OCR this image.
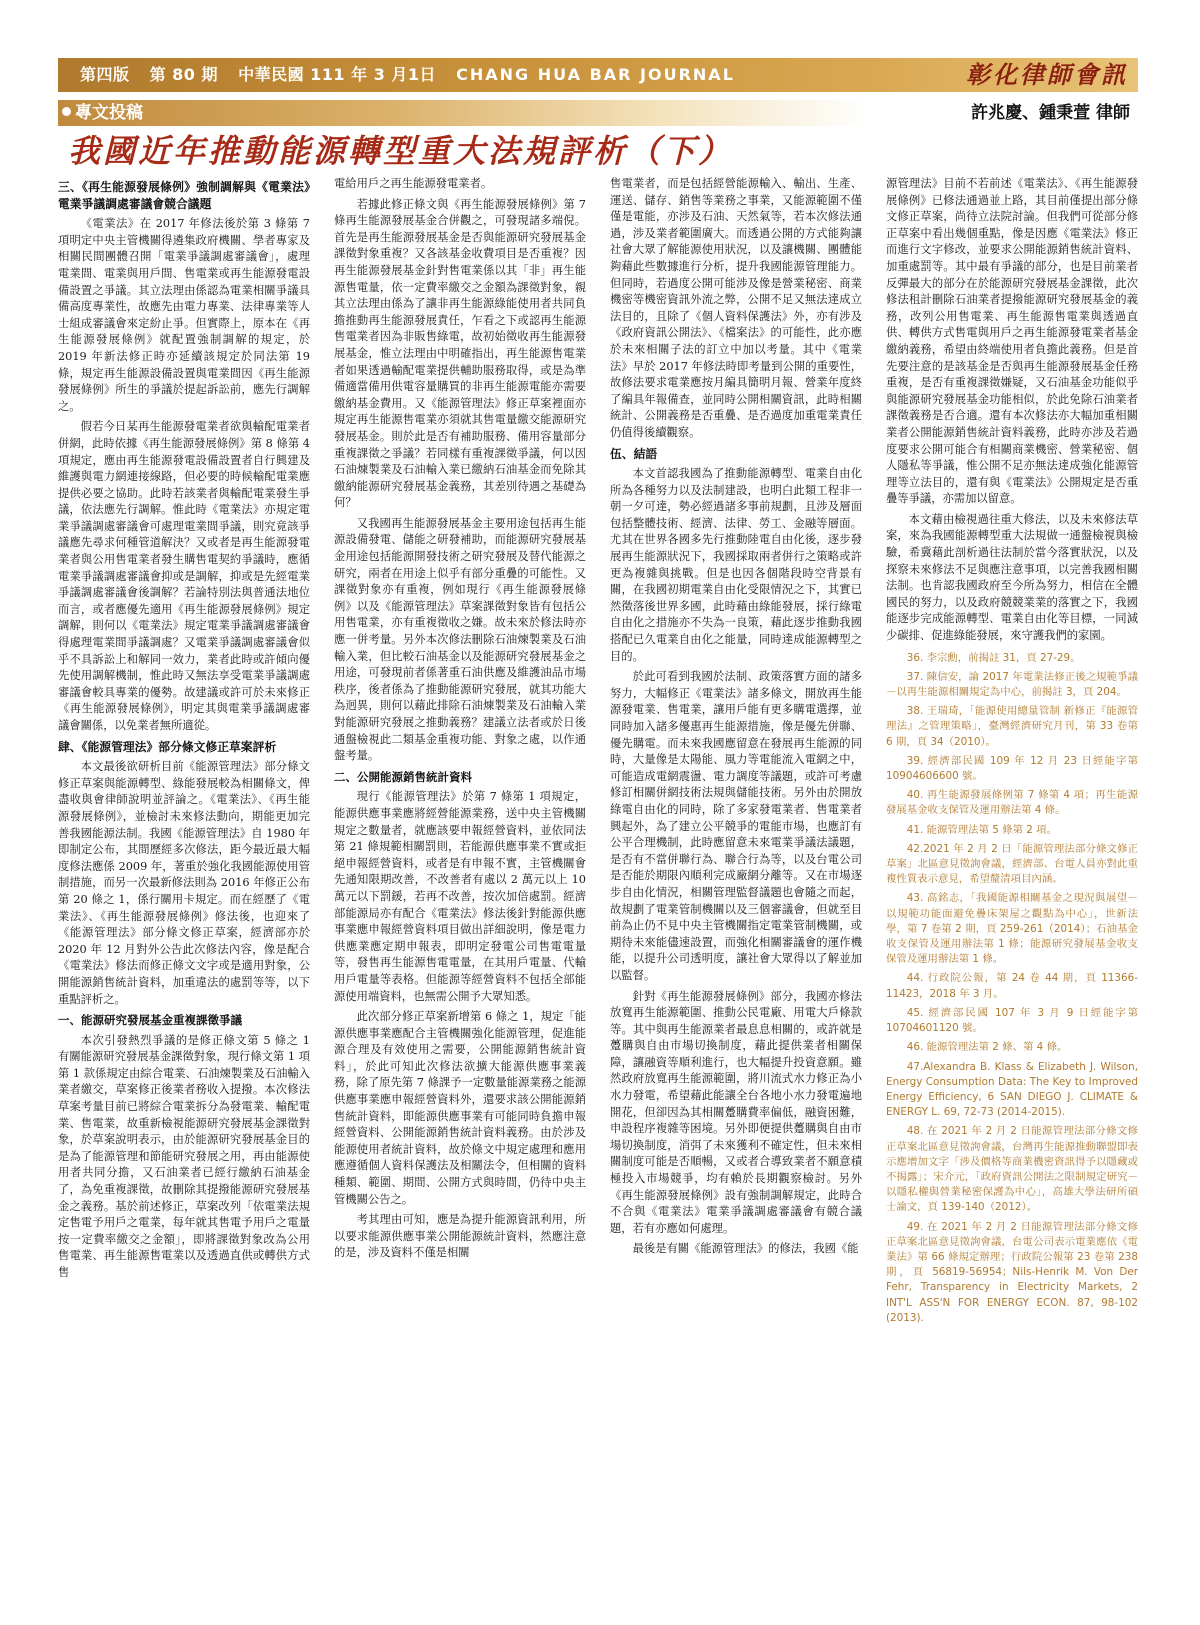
第四版 第 80 期 中華民國 111 年 3 月1日 CHANG HUA BAR JOURNAL	彰化律師會訊
專文投稿	許兆慶、鍾秉萱 律師
我國近年推動能源轉型重大法規評析（下）
三、《再生能源發展條例》強制調解與《電業法》電業爭議調處審議會競合議題

《電業法》在 2017 年修法後於第 3 條第 7 項明定中央主管機關得遴集政府機關、學者專家及相關民間團體召開「電業爭議調處審議會」，處理電業間、電業與用戶間、售電業或再生能源發電設備設置之爭議。其立法理由係認為電業相關爭議具備高度專業性，故應先由電力專業、法律專業等人士組成審議會來定紛止爭。但實際上，原本在《再生能源發展條例》就配置強制調解的規定，於 2019 年新法修正時亦延續該規定於同法第 19 條，規定再生能源設備設置與電業間因《再生能源發展條例》所生的爭議於提起訴訟前，應先行調解之。

假若今日某再生能源發電業者欲與輸配電業者併網，此時依據《再生能源發展條例》第 8 條第 4 項規定，應由再生能源發電設備設置者自行興建及維護與電力網連接線路，但必要的時候輸配電業應提供必要之協助。此時若該業者與輸配電業發生爭議，依法應先行調解。惟此時《電業法》亦規定電業爭議調處審議會可處理電業間爭議，則究竟該爭議應先尋求何種管道解決？又或者是再生能源發電業者與公用售電業者發生購售電契約爭議時，應循電業爭議調處審議會抑或是調解，抑或是先經電業爭議調處審議會後調解？若論特別法與普通法地位而言，或者應優先適用《再生能源發展條例》規定調解，則何以《電業法》規定電業爭議調處審議會得處理電業間爭議調處？又電業爭議調處審議會似乎不具訴訟上和解同一效力，業者此時或許傾向優先使用調解機制，惟此時又無法享受電業爭議調處審議會較具專業的優勢。故建議或許可於未來修正《再生能源發展條例》，明定其與電業爭議調處審議會關係，以免業者無所適從。

肆、《能源管理法》部分條文修正草案評析

本文最後欲研析目前《能源管理法》部分條文修正草案與能源轉型、綠能發展較為相關條文，俾盡收與會律師說明並評論之。《電業法》、《再生能源發展條例》，並檢討未來修法動向，期能更加完善我國能源法制。我國《能源管理法》自 1980 年即制定公布，其間歷經多次修法，距今最近最大幅度修法應係 2009 年，著重於強化我國能源使用管制措施，而另一次最新修法則為 2016 年修正公布第 20 條之 1，係行關用卡規定。而在經歷了《電業法》、《再生能源發展條例》修法後，也迎來了《能源管理法》部分條文修正草案，經濟部亦於 2020 年 12 月對外公告此次修法內容，像是配合《電業法》修法而修正條文文字或是適用對象，公開能源銷售統計資料，加重違法的處罰等等，以下重點評析之。

一、能源研究發展基金重複課徵爭議

本次引發熱烈爭議的是修正條文第 5 條之 1 有關能源研究發展基金課徵對象，現行條文第 1 項第 1 款係規定由綜合電業、石油煉製業及石油輸入業者繳交，草案修正後業者務收入提撥。本次修法草案考量目前已將綜合電業拆分為發電業、輸配電業、售電業，故重新檢視能源研究發展基金課徵對象，於草案說明表示，由於能源研究發展基金目的是為了能源管理和節能研究發展之用，再由能源使用者共同分擔，又石油業者已經行繳納石油基金了，為免重複課徵，故刪除其提撥能源研究發展基金之義務。基於前述修正，草案改列「依電業法規定售電予用戶之電業，每年就其售電予用戶之電量按一定費率繳交之金額」，即將課徵對象改為公用售電業、再生能源售電業以及透過直供或轉供方式售

電給用戶之再生能源發電業者。

若據此修正條文與《再生能源發展條例》第 7 條再生能源發展基金合併觀之，可發現諸多端倪。首先是再生能源發展基金是否與能源研究發展基金課徵對象重複？又各該基金收費項目是否重複？因再生能源發展基金針對售電業係以其「非」再生能源售電量，依一定費率繳交之金額為課徵對象，親其立法理由係為了讓非再生能源綠能使用者共同負擔推動再生能源發展責任，乍看之下或認再生能源售電業者因為非販售綠電，故初始徵收再生能源發展基金，惟立法理由中明確指出，再生能源售電業者如果透過輸配電業提供輔助服務取得，或是為準備適當備用供電容量購買的非再生能源電能亦需要繳納基金費用。又《能源管理法》修正草案裡面亦規定再生能源售電業亦須就其售電量繳交能源研究發展基金。則於此是否有補助服務、備用容量部分重複課徵之爭議？若同樣有重複課徵爭議，何以因石油煉製業及石油輸入業已繳納石油基金而免除其繳納能源研究發展基金義務，其差別待遇之基礎為何？

又我國再生能源發展基金主要用途包括再生能源設備發電、儲能之研發補助，而能源研究發展基金用途包括能源開發技術之研究發展及替代能源之研究，兩者在用途上似乎有部分重疊的可能性。又課徵對象亦有重複，例如現行《再生能源發展條例》以及《能源管理法》草案課徵對象皆有包括公用售電業，亦有重複徵收之嫌。故未來於修法時亦應一併考量。另外本次修法刪除石油煉製業及石油輸入業，但比較石油基金以及能源研究發展基金之用途，可發現前者係著重石油供應及維護油品市場秩序，後者係為了推動能源研究發展，就其功能大為迥異，則何以藉此排除石油煉製業及石油輸入業對能源研究發展之推動義務？建議立法者或於日後通盤檢視此二類基金重複功能、對象之處，以作通盤考量。

二、公開能源銷售統計資料

現行《能源管理法》於第 7 條第 1 項規定，能源供應事業應將經營能源業務，送中央主管機關規定之數量者，就應該要申報經營資料，並依同法第 21 條規範相關罰則，若能源供應事業不實或拒絕申報經營資料，或者是有申報不實，主管機關會先通知限期改善，不改善者有處以 2 萬元以上 10 萬元以下罰鍰，若再不改善，按次加倍處罰。經濟部能源局亦有配合《電業法》修法後針對能源供應事業應申報經營資料項目做出詳細說明，像是電力供應業應定期申報表，即明定發電公司售電電量等，發售再生能源售電電量，在其用戶電量、代輸用戶電量等表格。但能源等經營資料不包括全部能源使用端資料，也無需公開予大眾知悉。

此次部分修正草案新增第 6 條之 1，規定「能源供應事業應配合主管機關強化能源管理，促進能源合理及有效使用之需要，公開能源銷售統計資料」，於此可知此次修法欲擴大能源供應事業義務，除了原先第 7 條課予一定數量能源業務之能源供應事業應申報經營資料外，還要求該公開能源銷售統計資料，即能源供應事業有可能同時負擔申報經營資料、公開能源銷售統計資料義務。由於涉及能源使用者統計資料，故於條文中規定處理和應用應遵循個人資料保護法及相關法令，但相關的資料種類、範圍、期間、公開方式與時間，仍待中央主管機關公告之。

考其理由可知，應是為提升能源資訊利用，所以要求能源供應事業公開能源統計資料，然應注意的是，涉及資料不僅是相關

售電業者，而是包括經營能源輸入、輸出、生產、運送、儲存、銷售等業務之事業，又能源範圍不僅僅是電能，亦涉及石油、天然氣等，若本次修法通過，涉及業者範圍廣大。而透過公開的方式能夠讓社會大眾了解能源使用狀況，以及讓機關、團體能夠藉此些數據進行分析，提升我國能源管理能力。但同時，若過度公開可能涉及像是營業秘密、商業機密等機密資訊外流之弊，公開不足又無法達成立法目的，且除了《個人資料保護法》外，亦有涉及《政府資訊公開法》、《檔案法》的可能性，此亦應於未來相關子法的訂立中加以考量。其中《電業法》早於 2017 年修法時即考量到公開的重要性，故修法要求電業應按月編具簡明月報、營業年度終了編具年報備查，並同時公開相關資訊，此時相關統計、公開義務是否重疊、是否過度加重電業責任仍值得後續觀察。

伍、結語

本文首認我國為了推動能源轉型、電業自由化所為各種努力以及法制建設，也明白此類工程非一朝一夕可達，勢必經過諸多事前規劃，且涉及層面包括整體技術、經濟、法律、勞工、金融等層面。尤其在世界各國多先行推動陸電自由化後，逐步發展再生能源狀況下，我國採取兩者併行之策略或許更為複雜與挑戰。但是也因各個階段時空背景有關，在我國初期電業自由化受限情況之下，其實已然徵落後世界多國，此時藉由綠能發展，採行綠電自由化之措施亦不失為一良策，藉此逐步推動我國搭配已久電業自由化之能量，同時達成能源轉型之目的。

於此可看到我國於法制、政策落實方面的諸多努力，大幅修正《電業法》諸多條文，開放再生能源發電業、售電業，讓用戶能有更多購電選擇，並同時加入諸多優惠再生能源措施，像是優先併聯、優先購電。而未來我國應留意在發展再生能源的同時，大量像是太陽能、風力等電能流入電網之中，可能造成電網震盪、電力調度等議題，或許可考慮修訂相關併網技術法規與儲能技術。另外由於開放綠電自由化的同時，除了多家發電業者、售電業者興起外，為了建立公平競爭的電能市場，也應訂有公平合理機制，此時應留意未來電業爭議法議題，是否有不當併聯行為、聯合行為等，以及台電公司是否能於期限內順利完成廠網分離等。又在市場逐步自由化情況，相關管理監督議題也會隨之而起，故規劃了電業管制機關以及三個審議會，但就至目前為止仍不見中央主管機關指定電業管制機關，或期待未來能儘速設置，而強化相關審議會的運作機能，以提升公司透明度，讓社會大眾得以了解並加以監督。

針對《再生能源發展條例》部分，我國亦修法放寬再生能源範圍、推動公民電廠、用電大戶條款等。其中與再生能源業者最息息相關的，或許就是躉購與自由市場切換制度，藉此提供業者相關保障，讓融資等順利進行，也大幅提升投資意願。雖然政府放寬再生能源範圍，將川流式水力修正為小水力發電，希望藉此能讓全台各地小水力發電遍地開花，但卻因為其相關躉購費率偏低，融資困難，申設程序複雜等困境。另外即便提供躉購與自由市場切換制度，消弭了未來獲利不確定性，但未來相關制度可能是否順暢，又或者合導致業者不願意積極投入市場競爭，均有賴於長期觀察檢討。另外《再生能源發展條例》設有強制調解規定，此時合不合與《電業法》電業爭議調處審議會有競合議題，若有亦應如何處理。

最後是有關《能源管理法》的修法，我國《能

源管理法》目前不若前述《電業法》、《再生能源發展條例》已修法通過並上路，其目前僅提出部分條文修正草案，尚待立法院討論。但我們可從部分修正草案中看出幾個重點，像是因應《電業法》修正而進行文字修改，並要求公開能源銷售統計資料、加重處罰等。其中最有爭議的部分，也是目前業者反彈最大的部分在於能源研究發展基金課徵，此次修法租計刪除石油業者提撥能源研究發展基金的義務，改列公用售電業、再生能源售電業與透過直供、轉供方式售電與用戶之再生能源發電業者基金繳納義務，希望由終端使用者負擔此義務。但是首先要注意的是該基金是否與再生能源發展基金任務重複，是否有重複課徵嫌疑，又石油基金功能似乎與能源研究發展基金功能相似，於此免除石油業者課徵義務是否合適。還有本次修法亦大幅加重相關業者公開能源銷售統計資料義務，此時亦涉及若過度要求公開可能合有相關商業機密、營業秘密、個人隱私等爭議，惟公開不足亦無法達成強化能源管理等立法目的，還有與《電業法》公開規定是否重疊等爭議，亦需加以留意。

本文藉由檢視過往重大修法，以及未來修法草案，來為我國能源轉型重大法規做一通盤檢視與檢驗，希冀藉此剖析過往法制於當今落實狀況，以及探察未來修法不足與應注意事項，以完善我國相關法制。也肯認我國政府至今所為努力，相信在全體國民的努力，以及政府競競業業的落實之下，我國能逐步完成能源轉型、電業自由化等目標，一同減少碳排、促進綠能發展，來守護我們的家園。

36. 李宗勳，前揭註 31，頁 27-29。

37. 陳信安，論 2017 年電業法修正後之規範爭議－以再生能源相關規定為中心，前揭註 3，頁 204。

38. 王瑞琦，「能源使用總量管制 新修正『能源管理法』之管理策略」，臺灣經濟研究月刊，第 33 卷第 6 期，頁 34（2010）。

39. 經濟部民國 109 年 12 月 23 日經能字第 10904606600 號。

40. 再生能源發展條例第 7 條第 4 項；再生能源發展基金收支保管及運用辦法第 4 條。

41. 能源管理法第 5 條第 2 項。

42.2021 年 2 月 2 日「能源管理法部分條文修正草案」北區意見徵詢會議，經濟部、台電人員亦對此重複性質表示意見，希望釐清項目內涵。

43. 高銘志，「我國能源相關基金之現況與展望－以規範功能面避免疊床架屋之觀點為中心」，世新法學，第 7 卷第 2 期，頁 259-261（2014）；石油基金收支保管及運用辦法第 1 條；能源研究發展基金收支保管及運用辦法第 1 條。

44. 行政院公報，第 24 卷 44 期，頁 11366-11423，2018 年 3 月。

45. 經濟部民國 107 年 3 月 9 日經能字第 10704601120 號。

46. 能源管理法第 2 條、第 4 條。

47.Alexandra B. Klass & Elizabeth J. Wilson, Energy Consumption Data: The Key to Improved Energy Efficiency, 6 SAN DIEGO J. CLIMATE & ENERGY L. 69, 72-73 (2014-2015).

48. 在 2021 年 2 月 2 日能源管理法部分條文修正草案北區意見徵詢會議，台灣再生能源推動聯盟即表示應增加文字「涉及價格等商業機密資訊得予以隱藏或不揭露」；宋介元，「政府資訊公開法之限制規定研究－以隱私權與營業秘密保護為中心」，高雄大學法研所碩士論文，頁 139-140（2012）。

49. 在 2021 年 2 月 2 日能源管理法部分條文修正草案北區意見徵詢會議，台電公司表示電業應依《電業法》第 66 條規定辦理；行政院公報第 23 卷第 238 期，頁 56819-56954；Nils-Henrik M. Von Der Fehr, Transparency in Electricity Markets, 2 INT'L ASS'N FOR ENERGY ECON. 87, 98-102 (2013).
